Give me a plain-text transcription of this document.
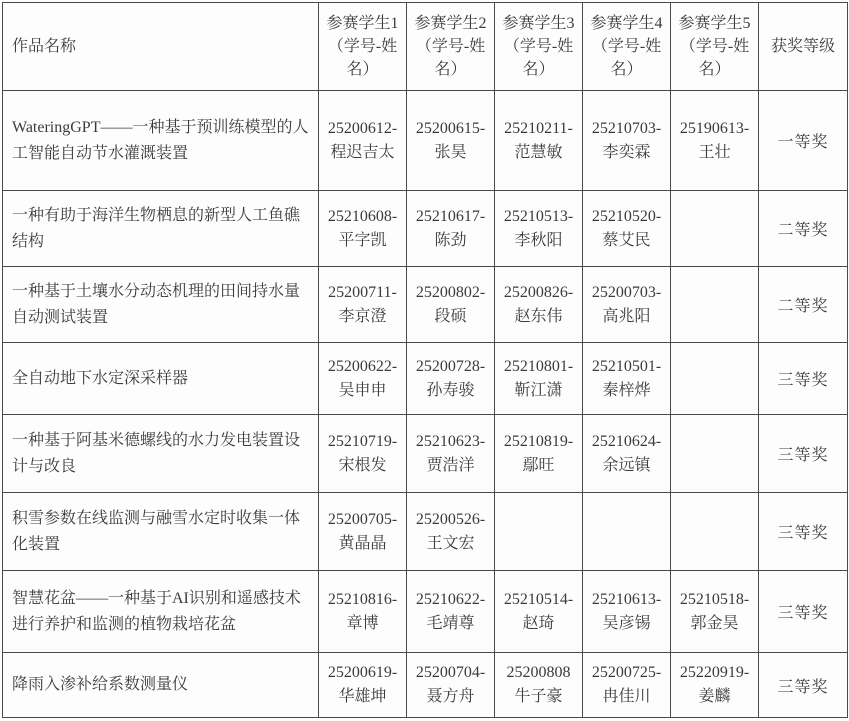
作品名称	参赛学生1（学号-姓名）	参赛学生2（学号-姓名）	参赛学生3（学号-姓名）	参赛学生4（学号-姓名）	参赛学生5（学号-姓名）	获奖等级
WateringGPT——一种基于预训练模型的人工智能自动节水灌溉装置	25200612-程迟吉太	25200615-张昊	25210211-范慧敏	25210703-李奕霖	25190613-王壮	一等奖
一种有助于海洋生物栖息的新型人工鱼礁结构	25210608-平字凯	25210617-陈劲	25210513-李秋阳	25210520-蔡艾民		二等奖
一种基于土壤水分动态机理的田间持水量自动测试装置	25200711-李京澄	25200802-段硕	25200826-赵东伟	25200703-高兆阳		二等奖
全自动地下水定深采样器	25200622-吴申申	25200728-孙寿骏	25210801-靳江潇	25210501-秦梓烨		三等奖
一种基于阿基米德螺线的水力发电装置设计与改良	25210719-宋根发	25210623-贾浩洋	25210819-鄢旺	25210624-余远镇		三等奖
积雪参数在线监测与融雪水定时收集一体化装置	25200705-黄晶晶	25200526-王文宏				三等奖
智慧花盆——一种基于AI识别和遥感技术进行养护和监测的植物栽培花盆	25210816-章博	25210622-毛靖尊	25210514-赵琦	25210613-吴彦锡	25210518-郭金昊	三等奖
降雨入渗补给系数测量仪	25200619-华雄坤	25200704-聂方舟	25200808 牛子豪	25200725-冉佳川	25220919-姜麟	三等奖
